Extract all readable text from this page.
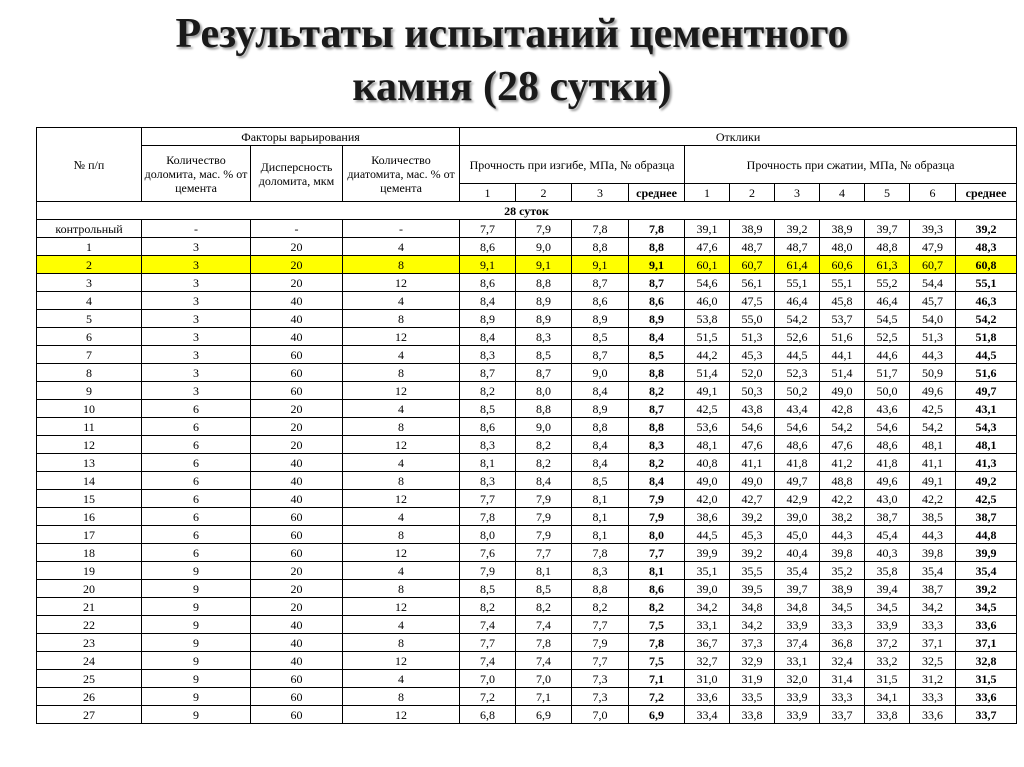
Результаты испытаний цементного
камня (28 сутки)
№ п/п	Факторы варьирования			Отклики										
	Количество доломита, мас. % от цемента	Дисперсность доломита, мкм	Количество диатомита, мас. % от цемента	Прочность при изгибе, МПа, № образца				Прочность при сжатии, МПа, № образца						
				1	2	3	среднее	1	2	3	4	5	6	среднее
28 суток														
контрольный	-	-	-	7,7	7,9	7,8	7,8	39,1	38,9	39,2	38,9	39,7	39,3	39,2
1	3	20	4	8,6	9,0	8,8	8,8	47,6	48,7	48,7	48,0	48,8	47,9	48,3
2	3	20	8	9,1	9,1	9,1	9,1	60,1	60,7	61,4	60,6	61,3	60,7	60,8
3	3	20	12	8,6	8,8	8,7	8,7	54,6	56,1	55,1	55,1	55,2	54,4	55,1
4	3	40	4	8,4	8,9	8,6	8,6	46,0	47,5	46,4	45,8	46,4	45,7	46,3
5	3	40	8	8,9	8,9	8,9	8,9	53,8	55,0	54,2	53,7	54,5	54,0	54,2
6	3	40	12	8,4	8,3	8,5	8,4	51,5	51,3	52,6	51,6	52,5	51,3	51,8
7	3	60	4	8,3	8,5	8,7	8,5	44,2	45,3	44,5	44,1	44,6	44,3	44,5
8	3	60	8	8,7	8,7	9,0	8,8	51,4	52,0	52,3	51,4	51,7	50,9	51,6
9	3	60	12	8,2	8,0	8,4	8,2	49,1	50,3	50,2	49,0	50,0	49,6	49,7
10	6	20	4	8,5	8,8	8,9	8,7	42,5	43,8	43,4	42,8	43,6	42,5	43,1
11	6	20	8	8,6	9,0	8,8	8,8	53,6	54,6	54,6	54,2	54,6	54,2	54,3
12	6	20	12	8,3	8,2	8,4	8,3	48,1	47,6	48,6	47,6	48,6	48,1	48,1
13	6	40	4	8,1	8,2	8,4	8,2	40,8	41,1	41,8	41,2	41,8	41,1	41,3
14	6	40	8	8,3	8,4	8,5	8,4	49,0	49,0	49,7	48,8	49,6	49,1	49,2
15	6	40	12	7,7	7,9	8,1	7,9	42,0	42,7	42,9	42,2	43,0	42,2	42,5
16	6	60	4	7,8	7,9	8,1	7,9	38,6	39,2	39,0	38,2	38,7	38,5	38,7
17	6	60	8	8,0	7,9	8,1	8,0	44,5	45,3	45,0	44,3	45,4	44,3	44,8
18	6	60	12	7,6	7,7	7,8	7,7	39,9	39,2	40,4	39,8	40,3	39,8	39,9
19	9	20	4	7,9	8,1	8,3	8,1	35,1	35,5	35,4	35,2	35,8	35,4	35,4
20	9	20	8	8,5	8,5	8,8	8,6	39,0	39,5	39,7	38,9	39,4	38,7	39,2
21	9	20	12	8,2	8,2	8,2	8,2	34,2	34,8	34,8	34,5	34,5	34,2	34,5
22	9	40	4	7,4	7,4	7,7	7,5	33,1	34,2	33,9	33,3	33,9	33,3	33,6
23	9	40	8	7,7	7,8	7,9	7,8	36,7	37,3	37,4	36,8	37,2	37,1	37,1
24	9	40	12	7,4	7,4	7,7	7,5	32,7	32,9	33,1	32,4	33,2	32,5	32,8
25	9	60	4	7,0	7,0	7,3	7,1	31,0	31,9	32,0	31,4	31,5	31,2	31,5
26	9	60	8	7,2	7,1	7,3	7,2	33,6	33,5	33,9	33,3	34,1	33,3	33,6
27	9	60	12	6,8	6,9	7,0	6,9	33,4	33,8	33,9	33,7	33,8	33,6	33,7
